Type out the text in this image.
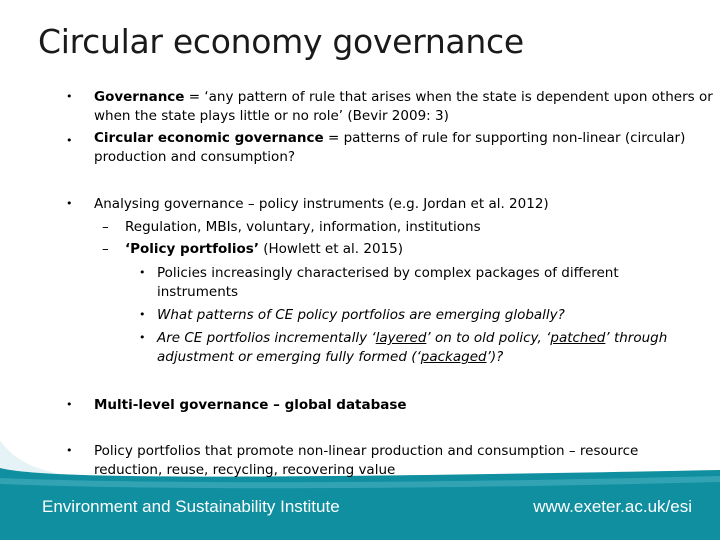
Circular economy governance
• Governance = ‘any pattern of rule that arises when the state is dependent upon others or
when the state plays little or no role’ (Bevir 2009: 3)
• Circular economic governance = patterns of rule for supporting non-linear (circular)
production and consumption?
• Analysing governance – policy instruments (e.g. Jordan et al. 2012)
– Regulation, MBIs, voluntary, information, institutions
– ‘Policy portfolios’ (Howlett et al. 2015)
• Policies increasingly characterised by complex packages of different
instruments
• What patterns of CE policy portfolios are emerging globally?
• Are CE portfolios incrementally ‘layered’ on to old policy, ‘patched’ through
adjustment or emerging fully formed (‘packaged’)?
• Multi-level governance – global database
• Policy portfolios that promote non-linear production and consumption – resource
reduction, reuse, recycling, recovering value
Environment and Sustainability Institute	www.exeter.ac.uk/esi
